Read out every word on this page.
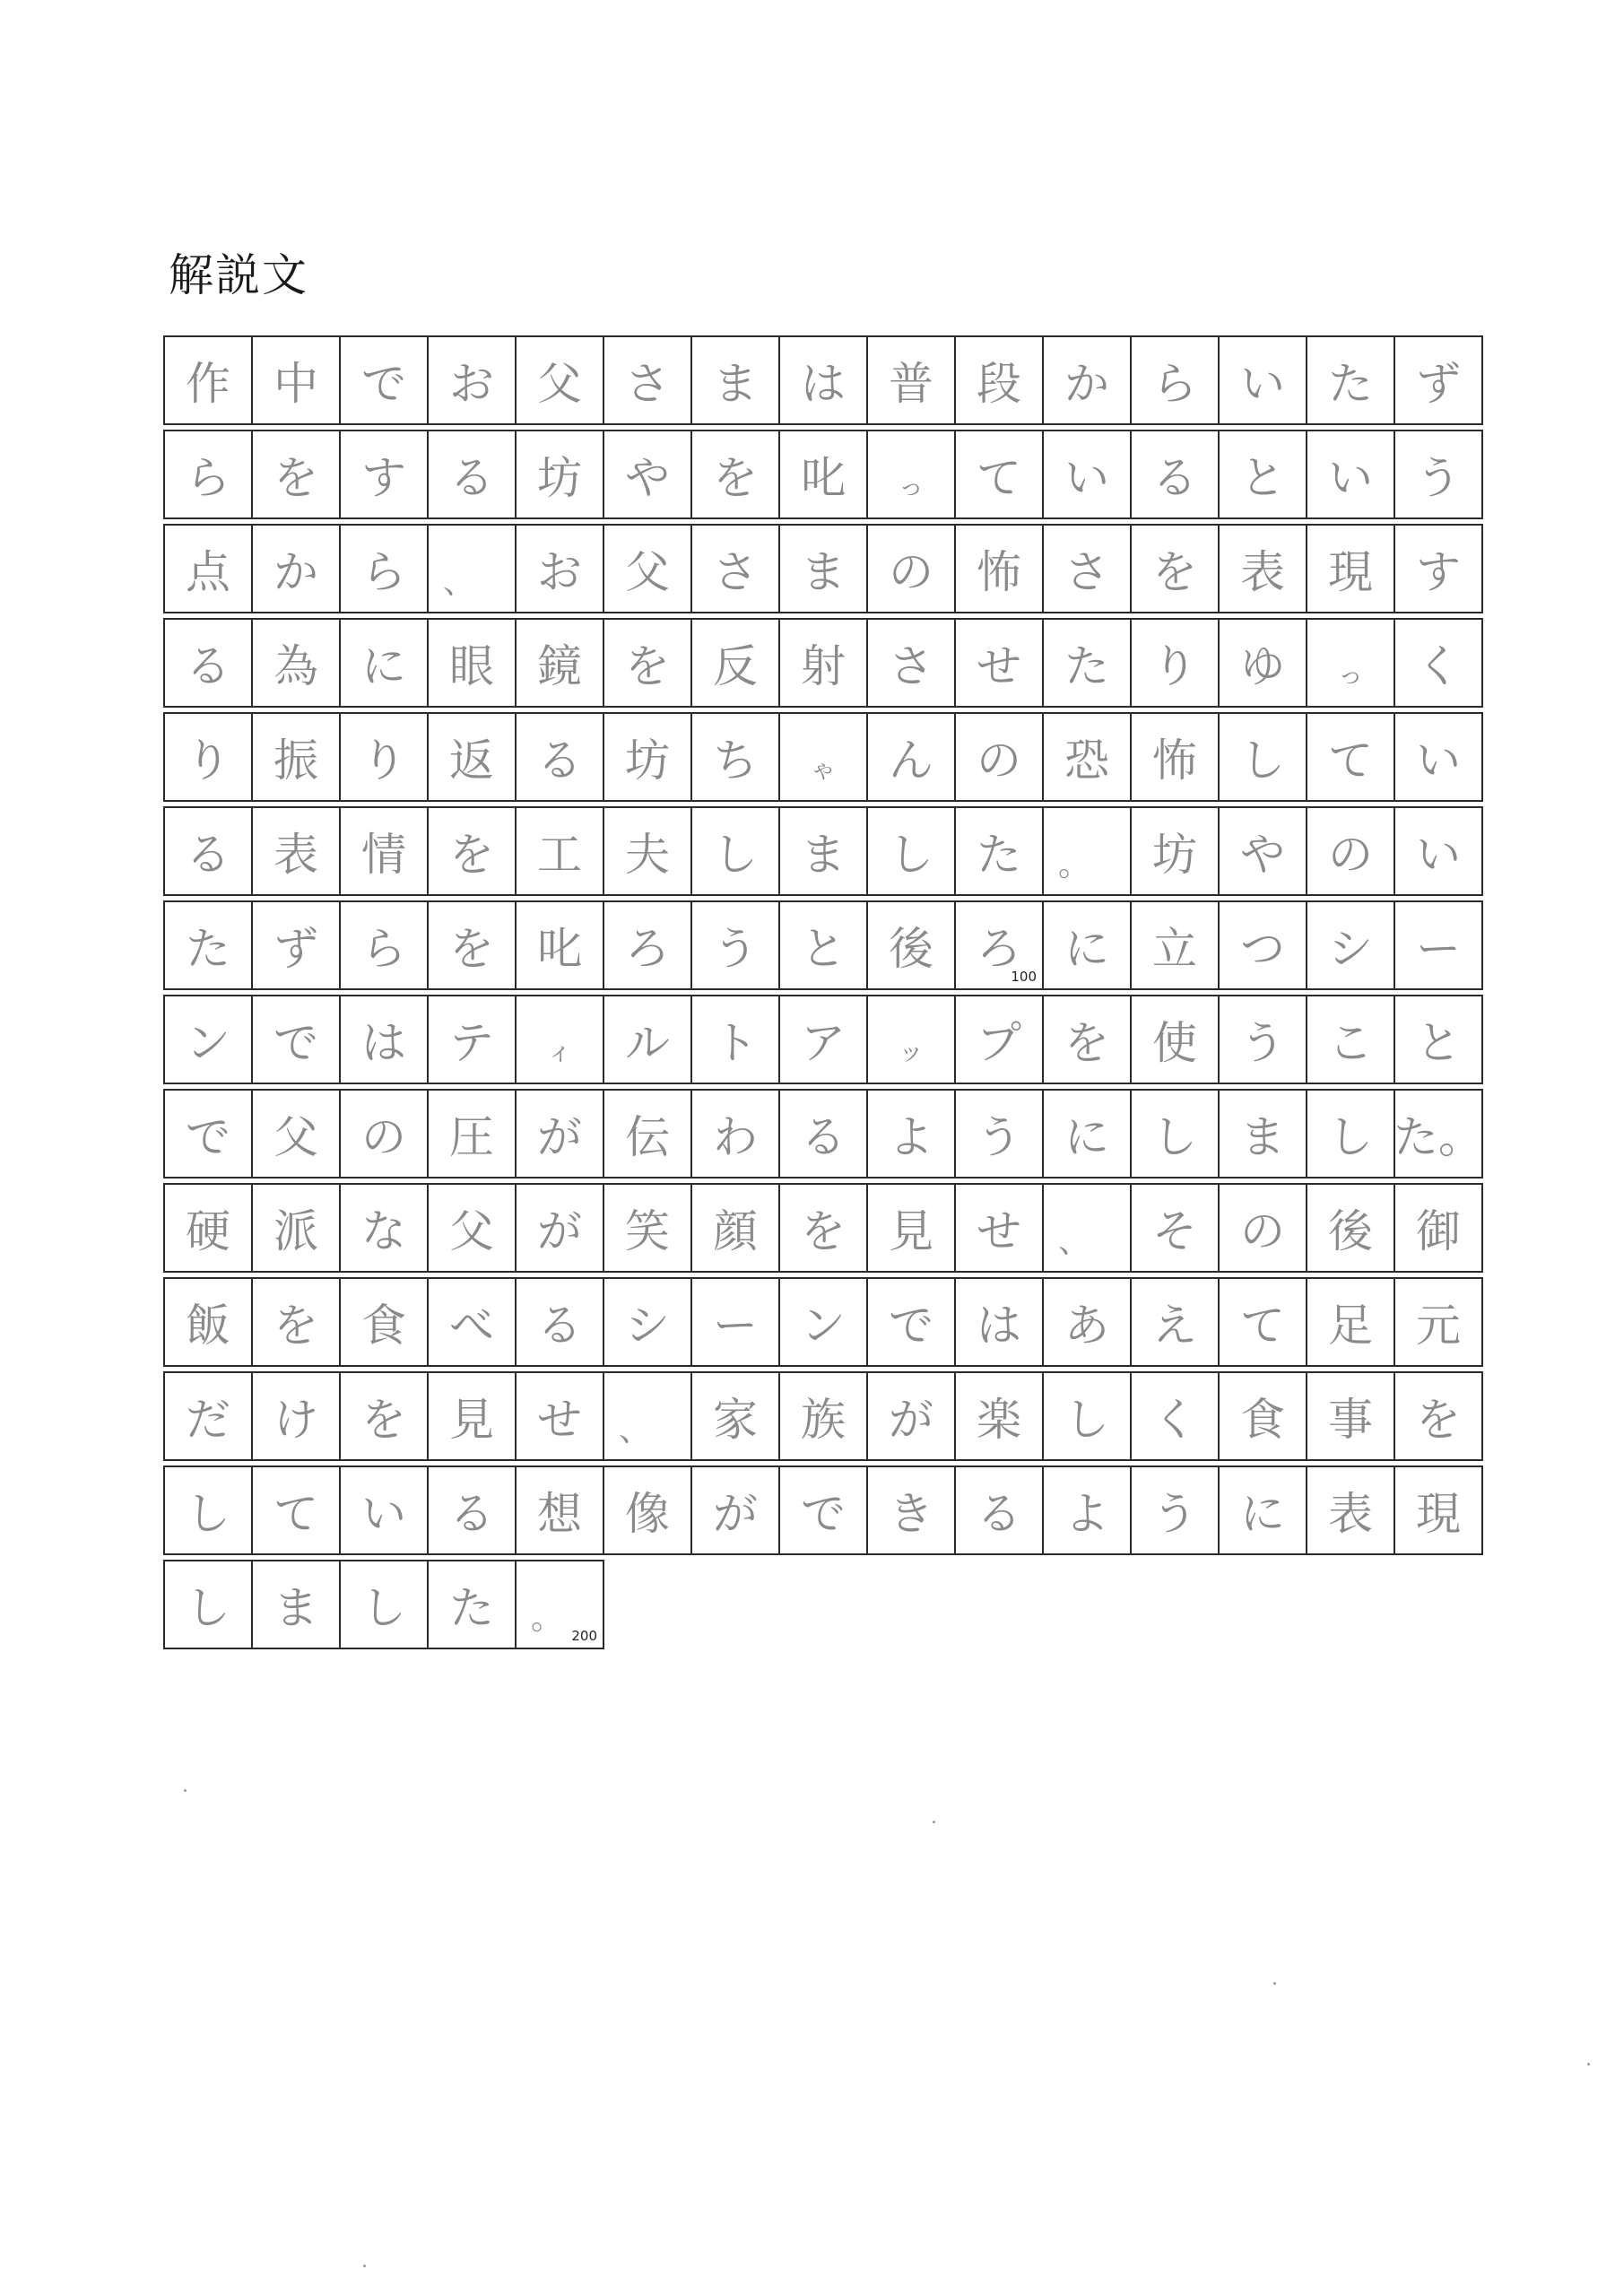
解説文
作 中 で お 父 さ ま は 普 段 か ら い た ず
ら を す る 坊 や を 叱 っ て い る と い う
点 か ら 、 お 父 さ ま の 怖 さ を 表 現 す
る 為 に 眼 鏡 を 反 射 さ せ た り ゆ っ く
り 振 り 返 る 坊 ち ゃ ん の 恐 怖 し て い
る 表 情 を 工 夫 し ま し た 。 坊 や の い
た ず ら を 叱 ろ う と 後 ろ
100
に 立 つ シ ー
ン で は テ ィ ル ト ア ッ プ を 使 う こ と
で 父 の 圧 が 伝 わ る よ う に し ま し た。
硬 派 な 父 が 笑 顔 を 見 せ 、 そ の 後 御
飯 を 食 べ る シ ー ン で は あ え て 足 元
だ け を 見 せ 、 家 族 が 楽 し く 食 事 を
し て い る 想 像 が で き る よ う に 表 現
し ま し た 。 200
